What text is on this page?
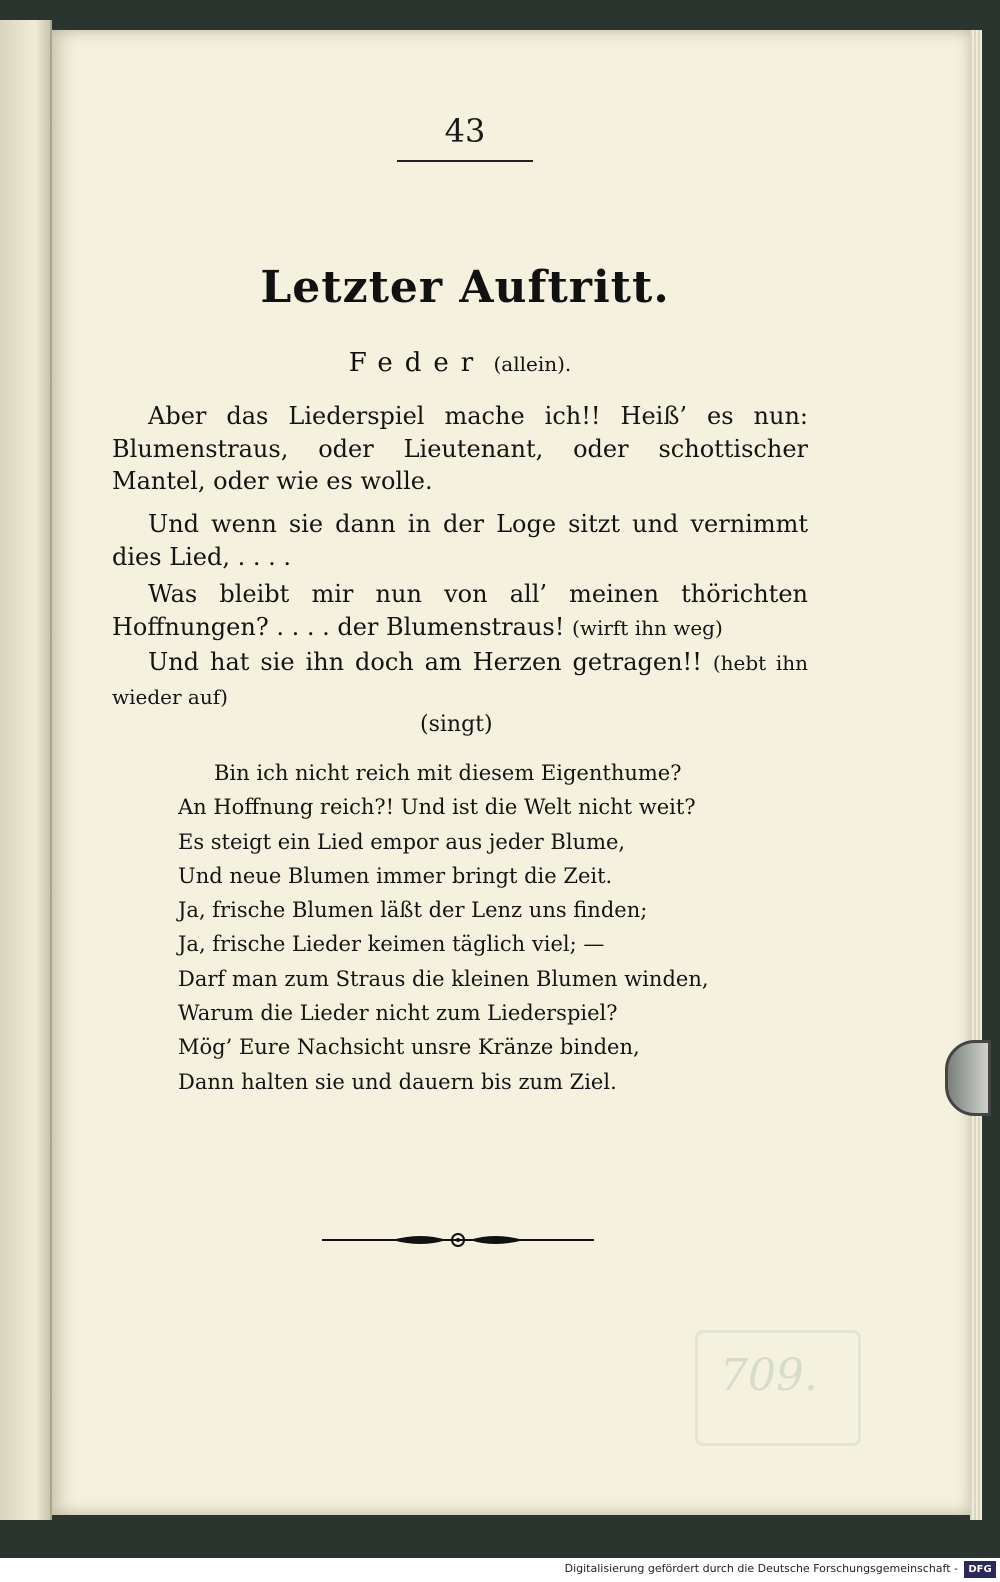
709.
43
Letzter Auftritt.
Feder (allein).

Aber das Liederspiel mache ich!! Heiß’ es nun: Blumenstraus, oder Lieutenant, oder schottischer Mantel, oder wie es wolle.

Und wenn sie dann in der Loge sitzt und vernimmt dies Lied, . . . .

Was bleibt mir nun von all’ meinen thörichten Hoffnungen? . . . . der Blumenstraus! (wirft ihn weg)

Und hat sie ihn doch am Herzen getragen!! (hebt ihn wieder auf)

(singt)
Bin ich nicht reich mit diesem Eigenthume?
An Hoffnung reich?! Und ist die Welt nicht weit?
Es steigt ein Lied empor aus jeder Blume,
Und neue Blumen immer bringt die Zeit.
Ja, frische Blumen läßt der Lenz uns finden;
Ja, frische Lieder keimen täglich viel; —
Darf man zum Straus die kleinen Blumen winden,
Warum die Lieder nicht zum Liederspiel?
Mög’ Eure Nachsicht unsre Kränze binden,
Dann halten sie und dauern bis zum Ziel.
Digitalisierung gefördert durch die Deutsche Forschungsgemeinschaft -	DFG
